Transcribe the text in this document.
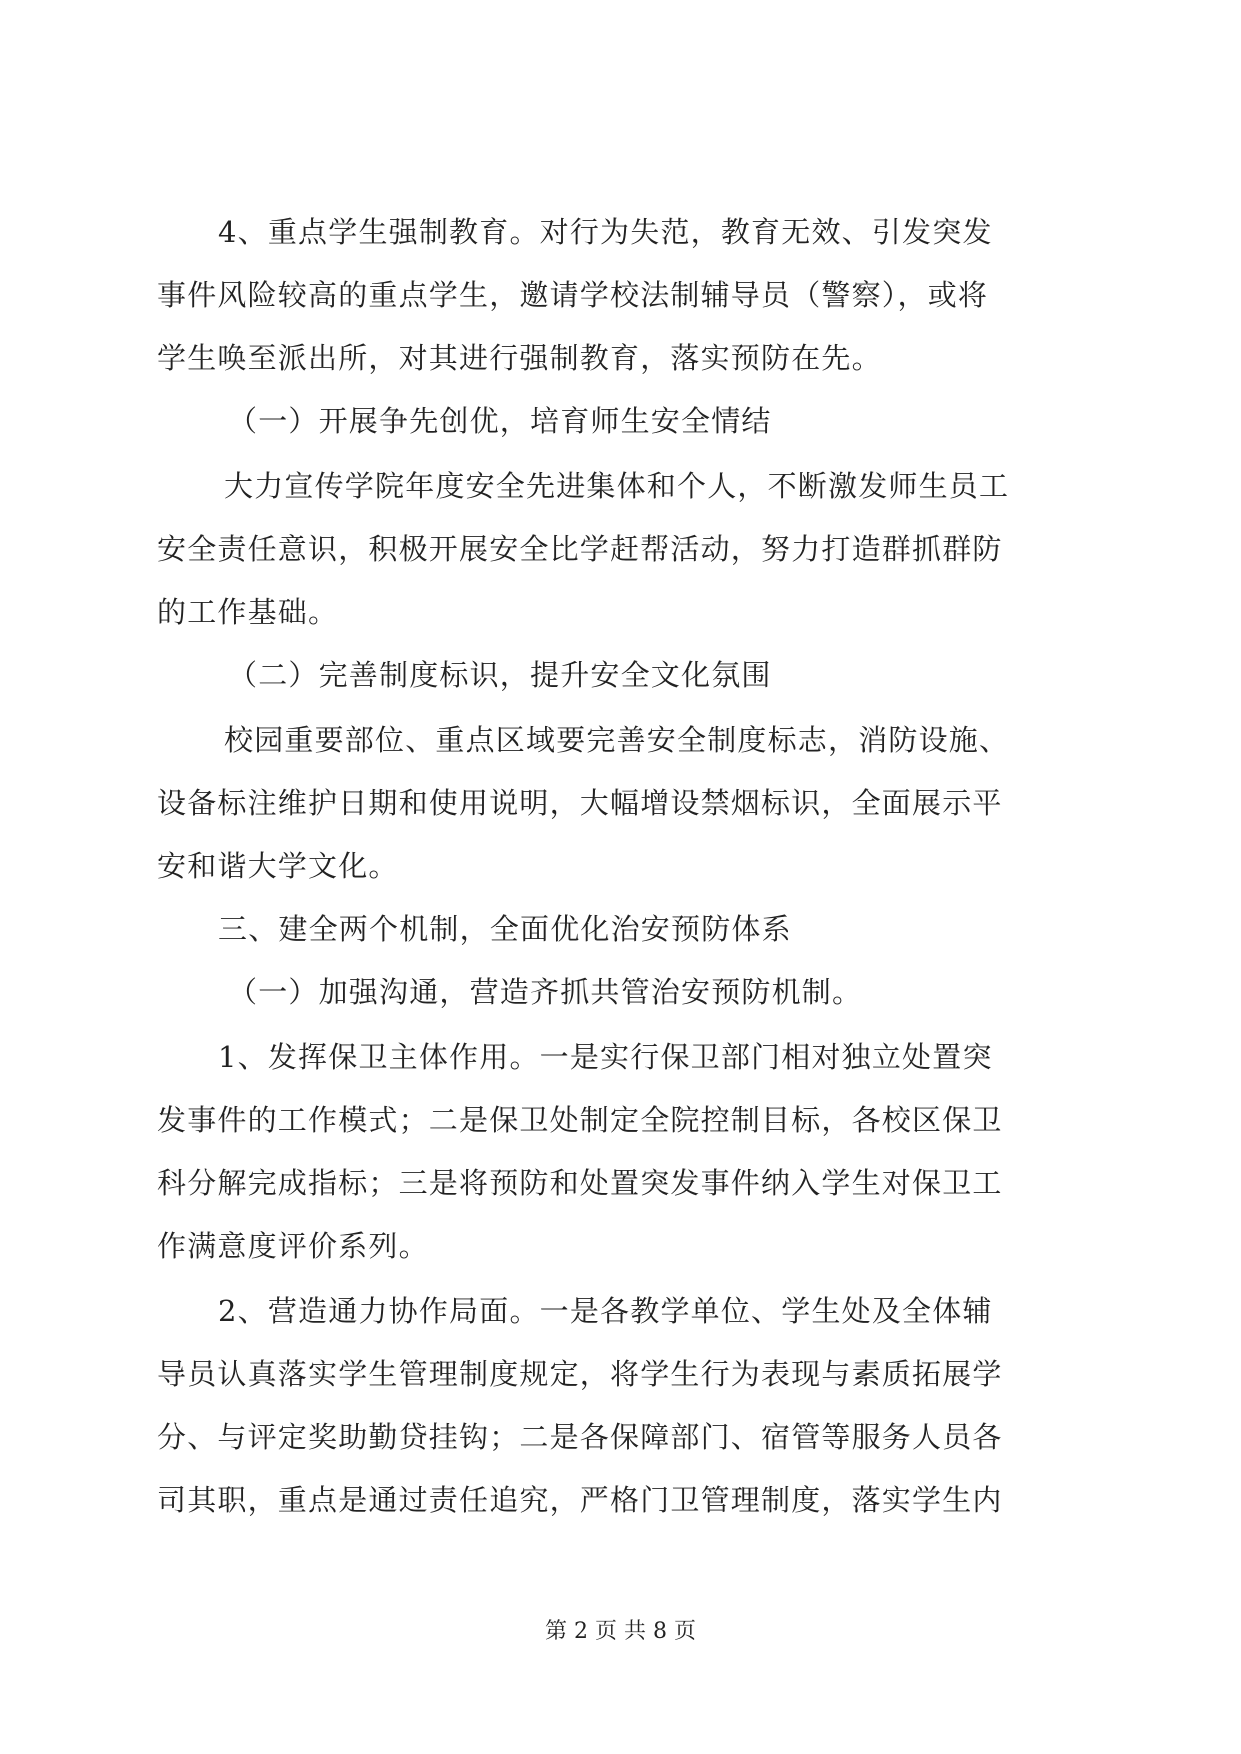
4、重点学生强制教育。对行为失范，教育无效、引发突发
事件风险较高的重点学生，邀请学校法制辅导员（警察），或将
学生唤至派出所，对其进行强制教育，落实预防在先。
（一）开展争先创优，培育师生安全情结
大力宣传学院年度安全先进集体和个人，不断激发师生员工
安全责任意识，积极开展安全比学赶帮活动，努力打造群抓群防
的工作基础。
（二）完善制度标识，提升安全文化氛围
校园重要部位、重点区域要完善安全制度标志，消防设施、
设备标注维护日期和使用说明，大幅增设禁烟标识，全面展示平
安和谐大学文化。
三、建全两个机制，全面优化治安预防体系
（一）加强沟通，营造齐抓共管治安预防机制。
1、发挥保卫主体作用。一是实行保卫部门相对独立处置突
发事件的工作模式；二是保卫处制定全院控制目标，各校区保卫
科分解完成指标；三是将预防和处置突发事件纳入学生对保卫工
作满意度评价系列。
2、营造通力协作局面。一是各教学单位、学生处及全体辅
导员认真落实学生管理制度规定，将学生行为表现与素质拓展学
分、与评定奖助勤贷挂钩；二是各保障部门、宿管等服务人员各
司其职，重点是通过责任追究，严格门卫管理制度，落实学生内
第 2 页 共 8 页
